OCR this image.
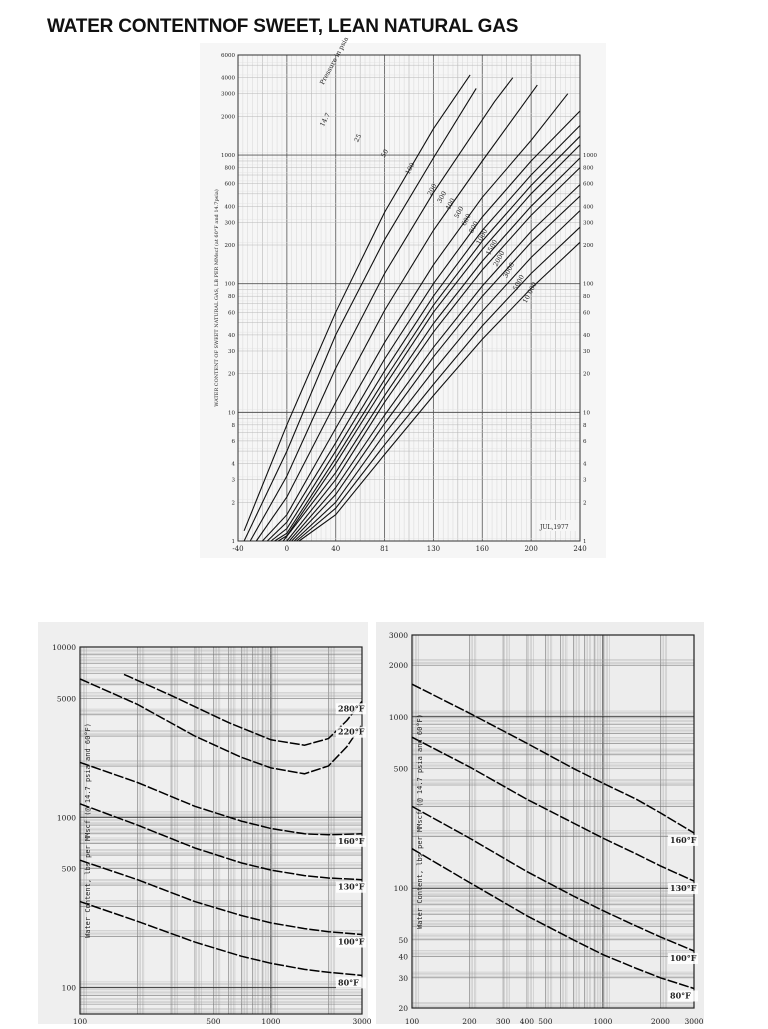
WATER CONTENTNOF SWEET, LEAN NATURAL GAS
14.7
25
50
100
200
300
400
500
600
800
1000
1500
2000
3000
5000
10 000
Pressure in psia
-40	0	40	81	130	160	200	240
1
2
3
4
6
8
10
20
30
40
60
80
100
200
300
400
600
800
1000
2000
3000
4000
6000
1
2
3
4
6
8
10
20
30
40
60
80
100
200
300
400
600
800
1000
WATER CONTENT OF SWEET NATURAL GAS, LB PER MMscf (at 60°F and 14.7psia)
JUL,1977
280°F
220°F
160°F
130°F
100°F
80°F
100	500	1000	3000
100
500
1000
5000
10000
Water Content, lbs per MMscf (@ 14.7 psia and 60°F)	160°F
130°F
100°F
80°F
100	200	300 400 500	1000	2000 3000
20
30
40
50
100
500
1000
2000
3000
Water Content, lbs per MMscf (@ 14.7 psia and 60°F)
